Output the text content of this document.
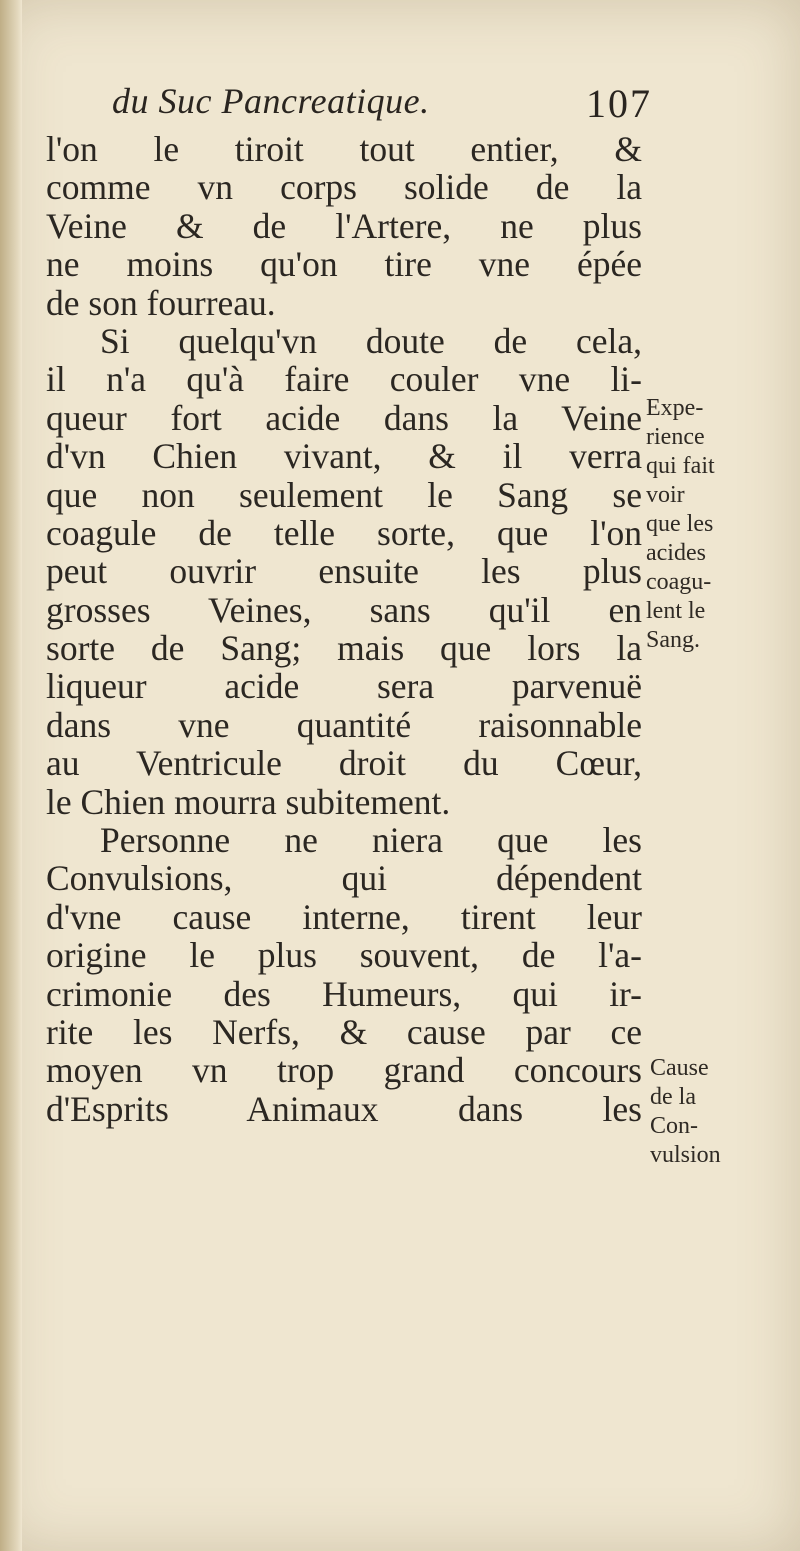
du Suc Pancreatique.	107
l'on le tiroit tout entier, &
comme vn corps solide de la
Veine & de l'Artere, ne plus
ne moins qu'on tire vne épée
de son fourreau.
Si quelqu'vn doute de cela,
il n'a qu'à faire couler vne li-
queur fort acide dans la Veine
d'vn Chien vivant, & il verra
que non seulement le Sang se
coagule de telle sorte, que l'on
peut ouvrir ensuite les plus
grosses Veines, sans qu'il en
sorte de Sang; mais que lors la
liqueur acide sera parvenuë
dans vne quantité raisonnable
au Ventricule droit du Cœur,
le Chien mourra subitement.
Personne ne niera que les
Convulsions, qui dépendent
d'vne cause interne, tirent leur
origine le plus souvent, de l'a-
crimonie des Humeurs, qui ir-
rite les Nerfs, & cause par ce
moyen vn trop grand concours
d'Esprits Animaux dans les
Expe-
rience
qui fait
voir
que les
acides
coagu-
lent le
Sang.
Cause
de la
Con-
vulsion
